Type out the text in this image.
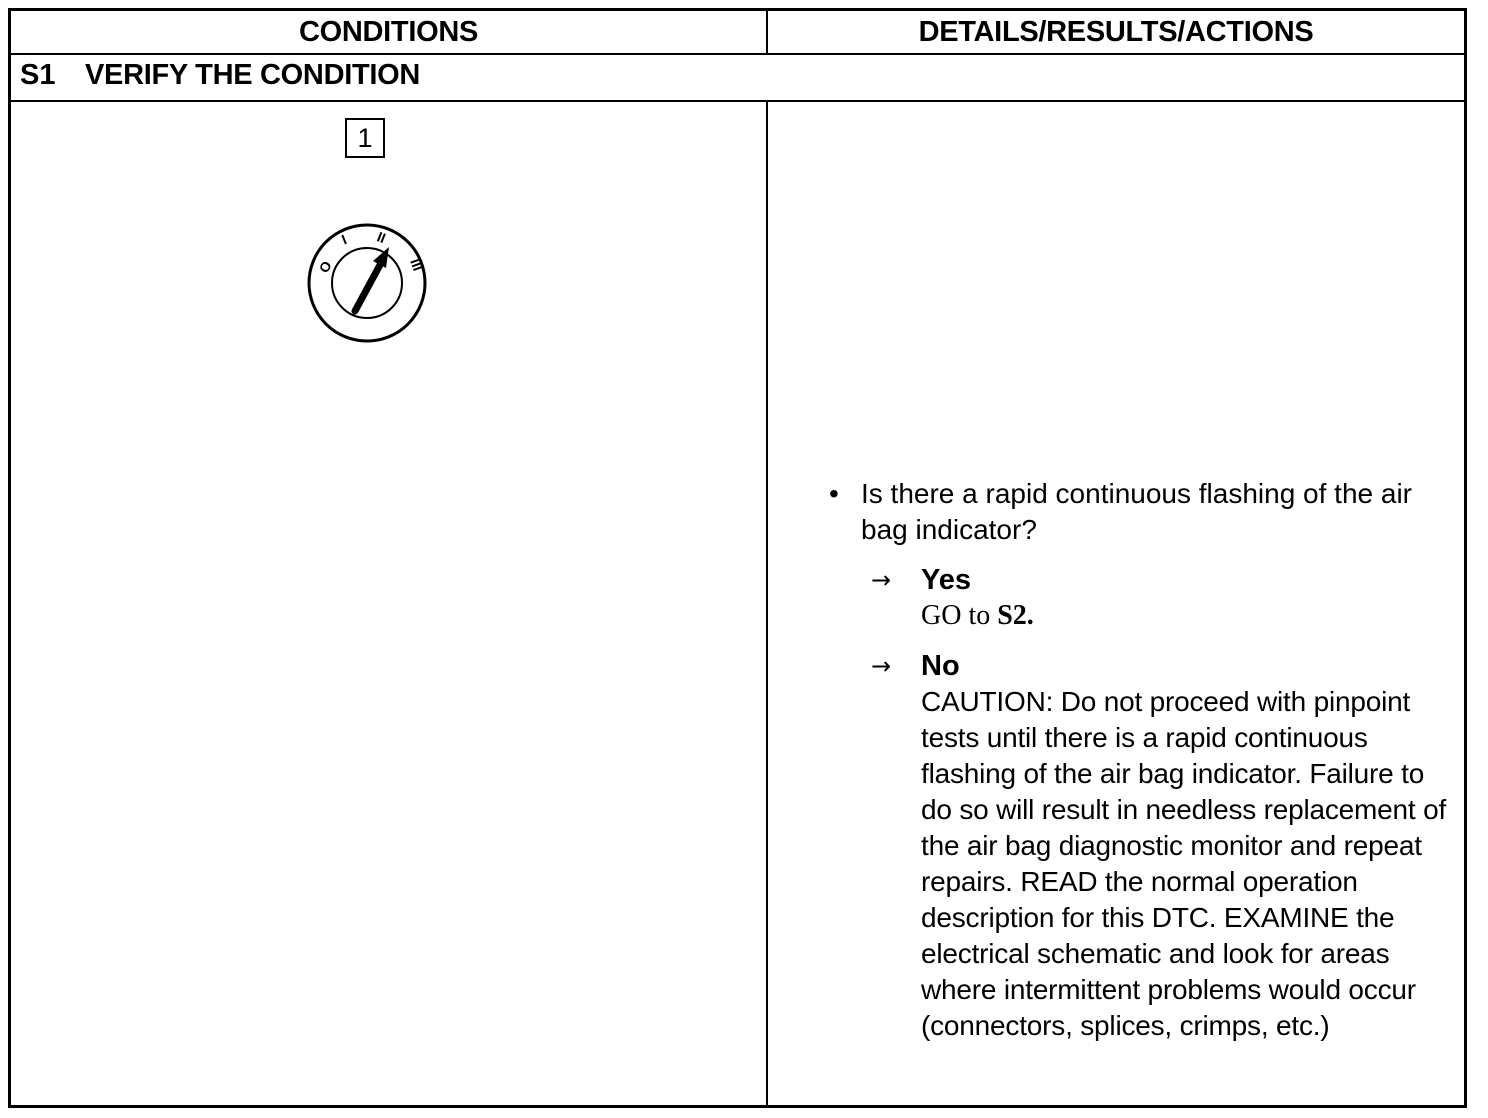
CONDITIONS	DETAILS/RESULTS/ACTIONS
S1 VERIFY THE CONDITION
1
O
I II
III
• Is there a rapid continuous flashing of the air bag indicator?
→ Yes
GO to S2.
→ No
CAUTION: Do not proceed with pinpoint tests until there is a rapid continuous flashing of the air bag indicator. Failure to do so will result in needless replacement of the air bag diagnostic monitor and repeat repairs. READ the normal operation description for this DTC. EXAMINE the electrical schematic and look for areas where intermittent problems would occur (connectors, splices, crimps, etc.)
